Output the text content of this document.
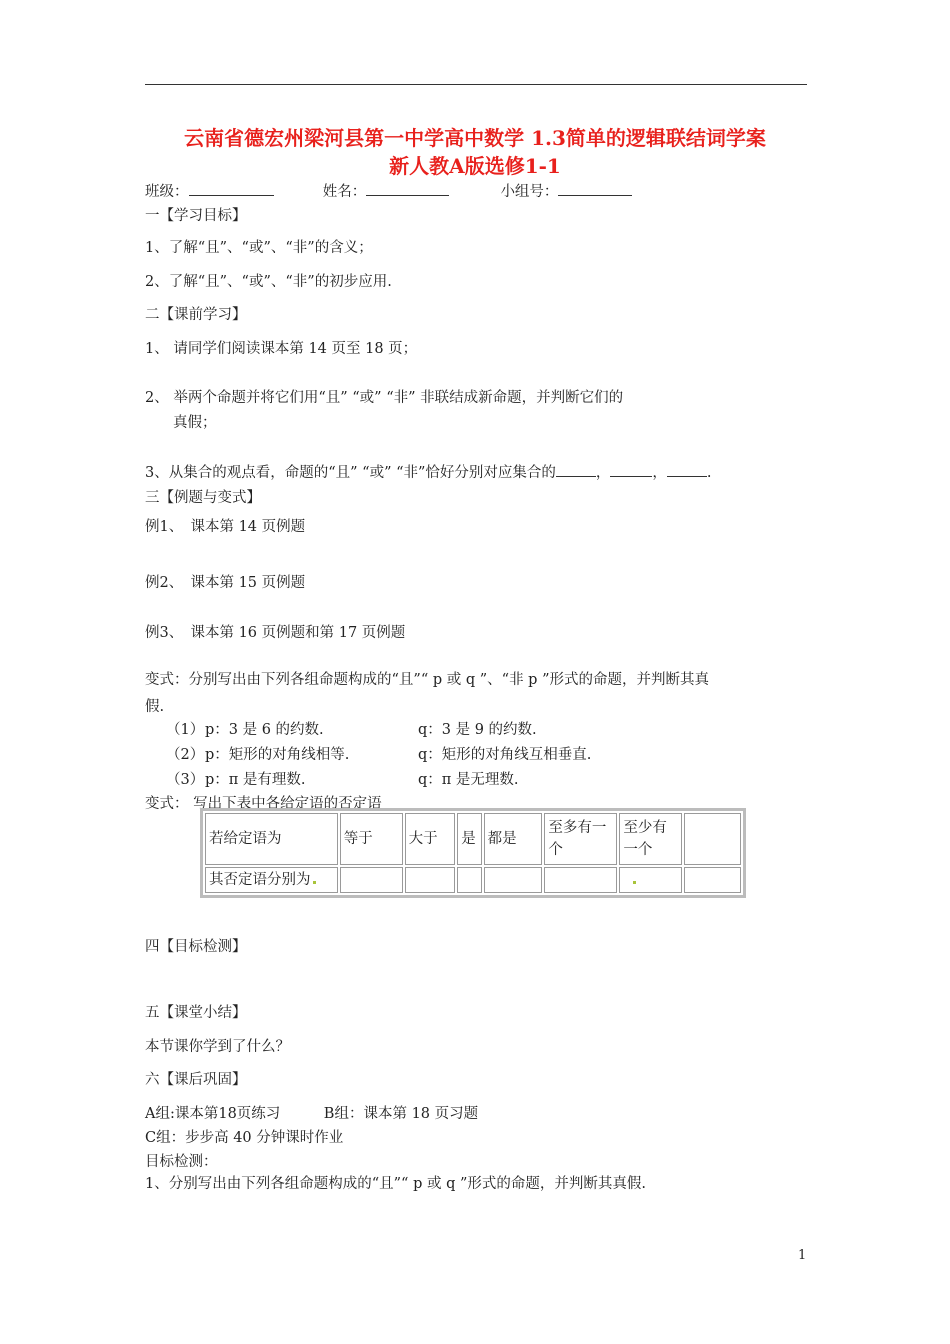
云南省德宏州梁河县第一中学高中数学 1.3简单的逻辑联结词学案
新人教A版选修1-1
班级：	姓名：	小组号：
一【学习目标】
1、了解“且”、“或”、“非”的含义；
2、了解“且”、“或”、“非”的初步应用.
二【课前学习】
1、 请同学们阅读课本第 14 页至 18 页；
2、 举两个命题并将它们用“且” “或” “非” 非联结成新命题，并判断它们的
真假；
3、从集合的观点看，命题的“且” “或” “非”恰好分别对应集合的	，	，	.
三【例题与变式】
例1、　课本第 14 页例题
例2、　课本第 15 页例题
例3、　课本第 16 页例题和第 17 页例题
变式：分别写出由下列各组命题构成的“且”“ p 或 q ”、“非 p ”形式的命题，并判断其真
假.
（1） p：3 是 6 的约数.	q：3 是 9 的约数.
（2） p：矩形的对角线相等.	q：矩形的对角线互相垂直.
（3） p：π 是有理数.	q：π 是无理数.
变式： 写出下表中各给定语的否定语
若给定语为	等于	大于	是	都是	至多有一个	至少有一个	
其否定语分别为							
四【目标检测】
五【课堂小结】
本节课你学到了什么？
六【课后巩固】
A组:课本第18页练习　　　B组：课本第 18 页习题
C组：步步高 40 分钟课时作业
目标检测：
1、分别写出由下列各组命题构成的“且”“ p 或 q ”形式的命题，并判断其真假.
1
